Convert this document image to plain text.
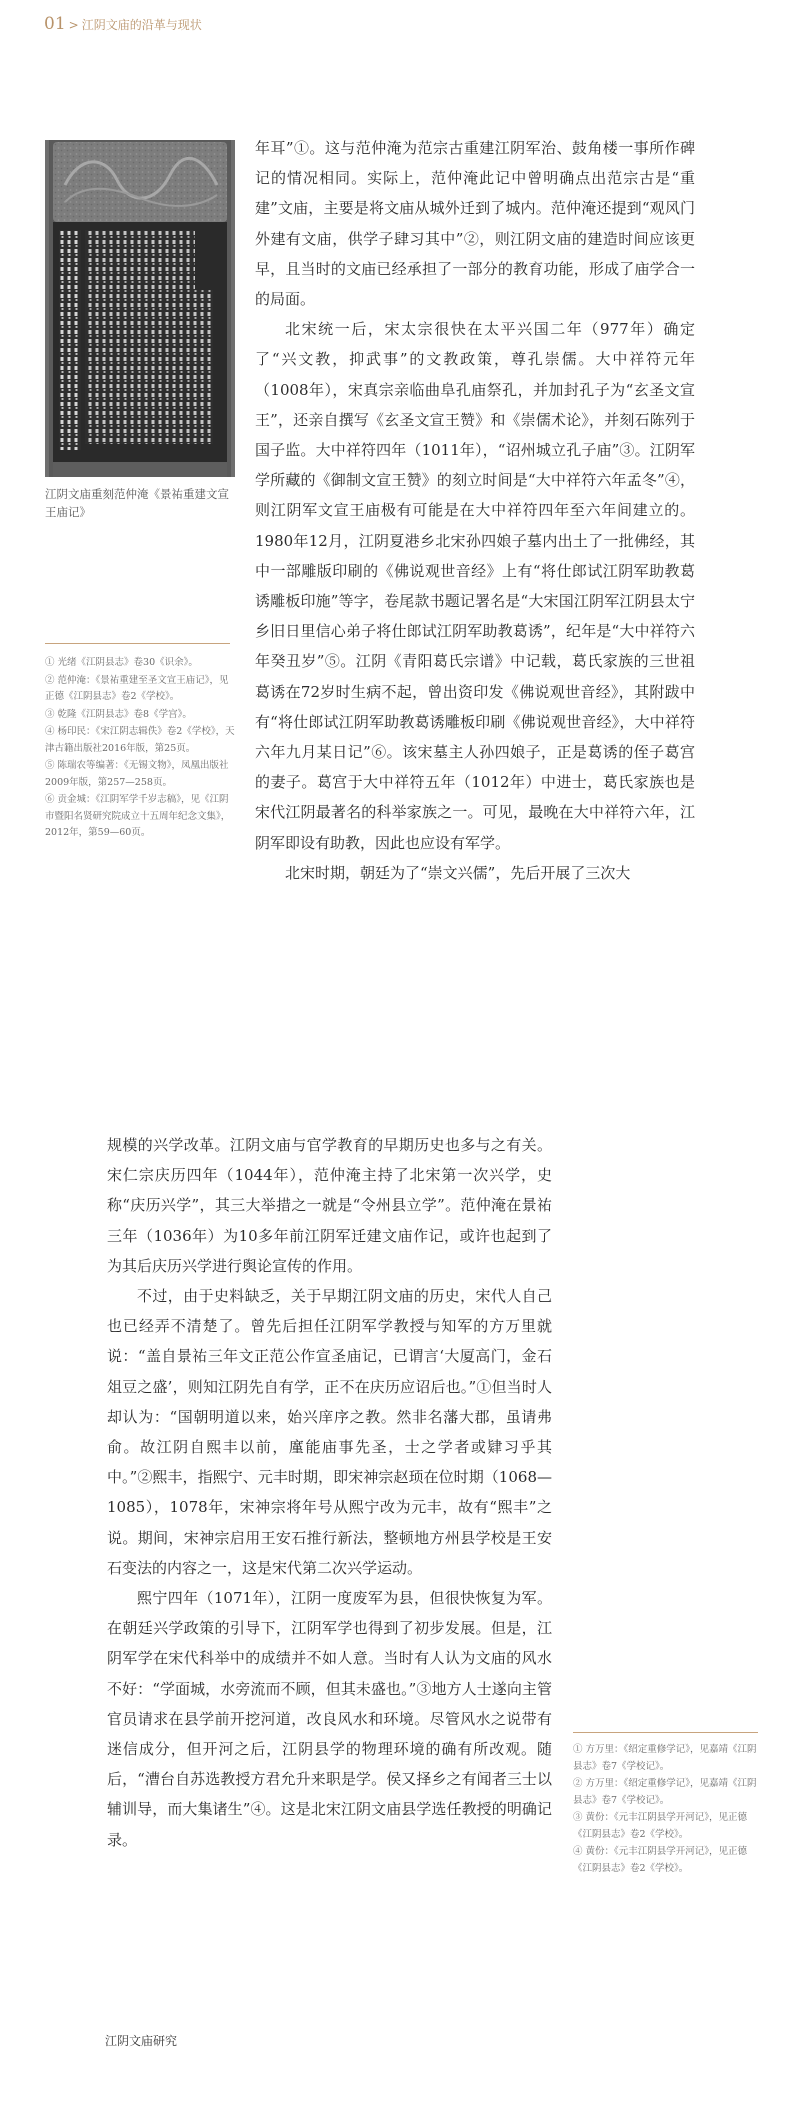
01 > 江阴文庙的沿革与现状
江阴文庙重刻范仲淹《景祐重建文宣王庙记》
① 光绪《江阴县志》卷30《识余》。
② 范仲淹：《景祐重建至圣文宣王庙记》，见正德《江阴县志》卷2《学校》。
③ 乾隆《江阴县志》卷8《学宫》。
④ 杨印民：《宋江阴志辑佚》卷2《学校》，天津古籍出版社2016年版，第25页。
⑤ 陈瑞农等编著：《无锡文物》，凤凰出版社2009年版，第257—258页。
⑥ 贡金城：《江阴军学千岁志稿》，见《江阴市暨阳名贤研究院成立十五周年纪念文集》，2012年，第59—60页。

年耳”①。这与范仲淹为范宗古重建江阴军治、鼓角楼一事所作碑记的情况相同。实际上，范仲淹此记中曾明确点出范宗古是“重建”文庙，主要是将文庙从城外迁到了城内。范仲淹还提到“观风门外建有文庙，供学子肆习其中”②，则江阴文庙的建造时间应该更早，且当时的文庙已经承担了一部分的教育功能，形成了庙学合一的局面。

北宋统一后，宋太宗很快在太平兴国二年（977年）确定了“兴文教，抑武事”的文教政策，尊孔崇儒。大中祥符元年（1008年），宋真宗亲临曲阜孔庙祭孔，并加封孔子为“玄圣文宣王”，还亲自撰写《玄圣文宣王赞》和《崇儒术论》，并刻石陈列于国子监。大中祥符四年（1011年），“诏州城立孔子庙”③。江阴军学所藏的《御制文宣王赞》的刻立时间是“大中祥符六年孟冬”④，则江阴军文宣王庙极有可能是在大中祥符四年至六年间建立的。1980年12月，江阴夏港乡北宋孙四娘子墓内出土了一批佛经，其中一部雕版印刷的《佛说观世音经》上有“将仕郎试江阴军助教葛诱雕板印施”等字，卷尾款书题记署名是“大宋国江阴军江阴县太宁乡旧日里信心弟子将仕郎试江阴军助教葛诱”，纪年是“大中祥符六年癸丑岁”⑤。江阴《青阳葛氏宗谱》中记载，葛氏家族的三世祖葛诱在72岁时生病不起，曾出资印发《佛说观世音经》，其附跋中有“将仕郎试江阴军助教葛诱雕板印刷《佛说观世音经》，大中祥符六年九月某日记”⑥。该宋墓主人孙四娘子，正是葛诱的侄子葛宫的妻子。葛宫于大中祥符五年（1012年）中进士，葛氏家族也是宋代江阴最著名的科举家族之一。可见，最晚在大中祥符六年，江阴军即设有助教，因此也应设有军学。

北宋时期，朝廷为了“崇文兴儒”，先后开展了三次大

规模的兴学改革。江阴文庙与官学教育的早期历史也多与之有关。宋仁宗庆历四年（1044年），范仲淹主持了北宋第一次兴学，史称“庆历兴学”，其三大举措之一就是“令州县立学”。范仲淹在景祐三年（1036年）为10多年前江阴军迁建文庙作记，或许也起到了为其后庆历兴学进行舆论宣传的作用。

不过，由于史料缺乏，关于早期江阴文庙的历史，宋代人自己也已经弄不清楚了。曾先后担任江阴军学教授与知军的方万里就说：“盖自景祐三年文正范公作宣圣庙记，已谓言‘大厦高门，金石俎豆之盛’，则知江阴先自有学，正不在庆历应诏后也。”①但当时人却认为：“国朝明道以来，始兴庠序之教。然非名藩大郡，虽请弗俞。故江阴自熙丰以前，廑能庙事先圣，士之学者或肄习乎其中。”②熙丰，指熙宁、元丰时期，即宋神宗赵顼在位时期（1068—1085），1078年，宋神宗将年号从熙宁改为元丰，故有“熙丰”之说。期间，宋神宗启用王安石推行新法，整顿地方州县学校是王安石变法的内容之一，这是宋代第二次兴学运动。

熙宁四年（1071年），江阴一度废军为县，但很快恢复为军。在朝廷兴学政策的引导下，江阴军学也得到了初步发展。但是，江阴军学在宋代科举中的成绩并不如人意。当时有人认为文庙的风水不好：“学面城，水旁流而不顾，但其未盛也。”③地方人士遂向主管官员请求在县学前开挖河道，改良风水和环境。尽管风水之说带有迷信成分，但开河之后，江阴县学的物理环境的确有所改观。随后，“漕台自苏选教授方君允升来职是学。侯又择乡之有闻者三士以辅训导，而大集诸生”④。这是北宋江阴文庙县学选任教授的明确记录。

① 方万里：《绍定重修学记》，见嘉靖《江阴县志》卷7《学校记》。
② 方万里：《绍定重修学记》，见嘉靖《江阴县志》卷7《学校记》。
③ 黄份：《元丰江阴县学开河记》，见正德《江阴县志》卷2《学校》。
④ 黄份：《元丰江阴县学开河记》，见正德《江阴县志》卷2《学校》。
江阴文庙研究
